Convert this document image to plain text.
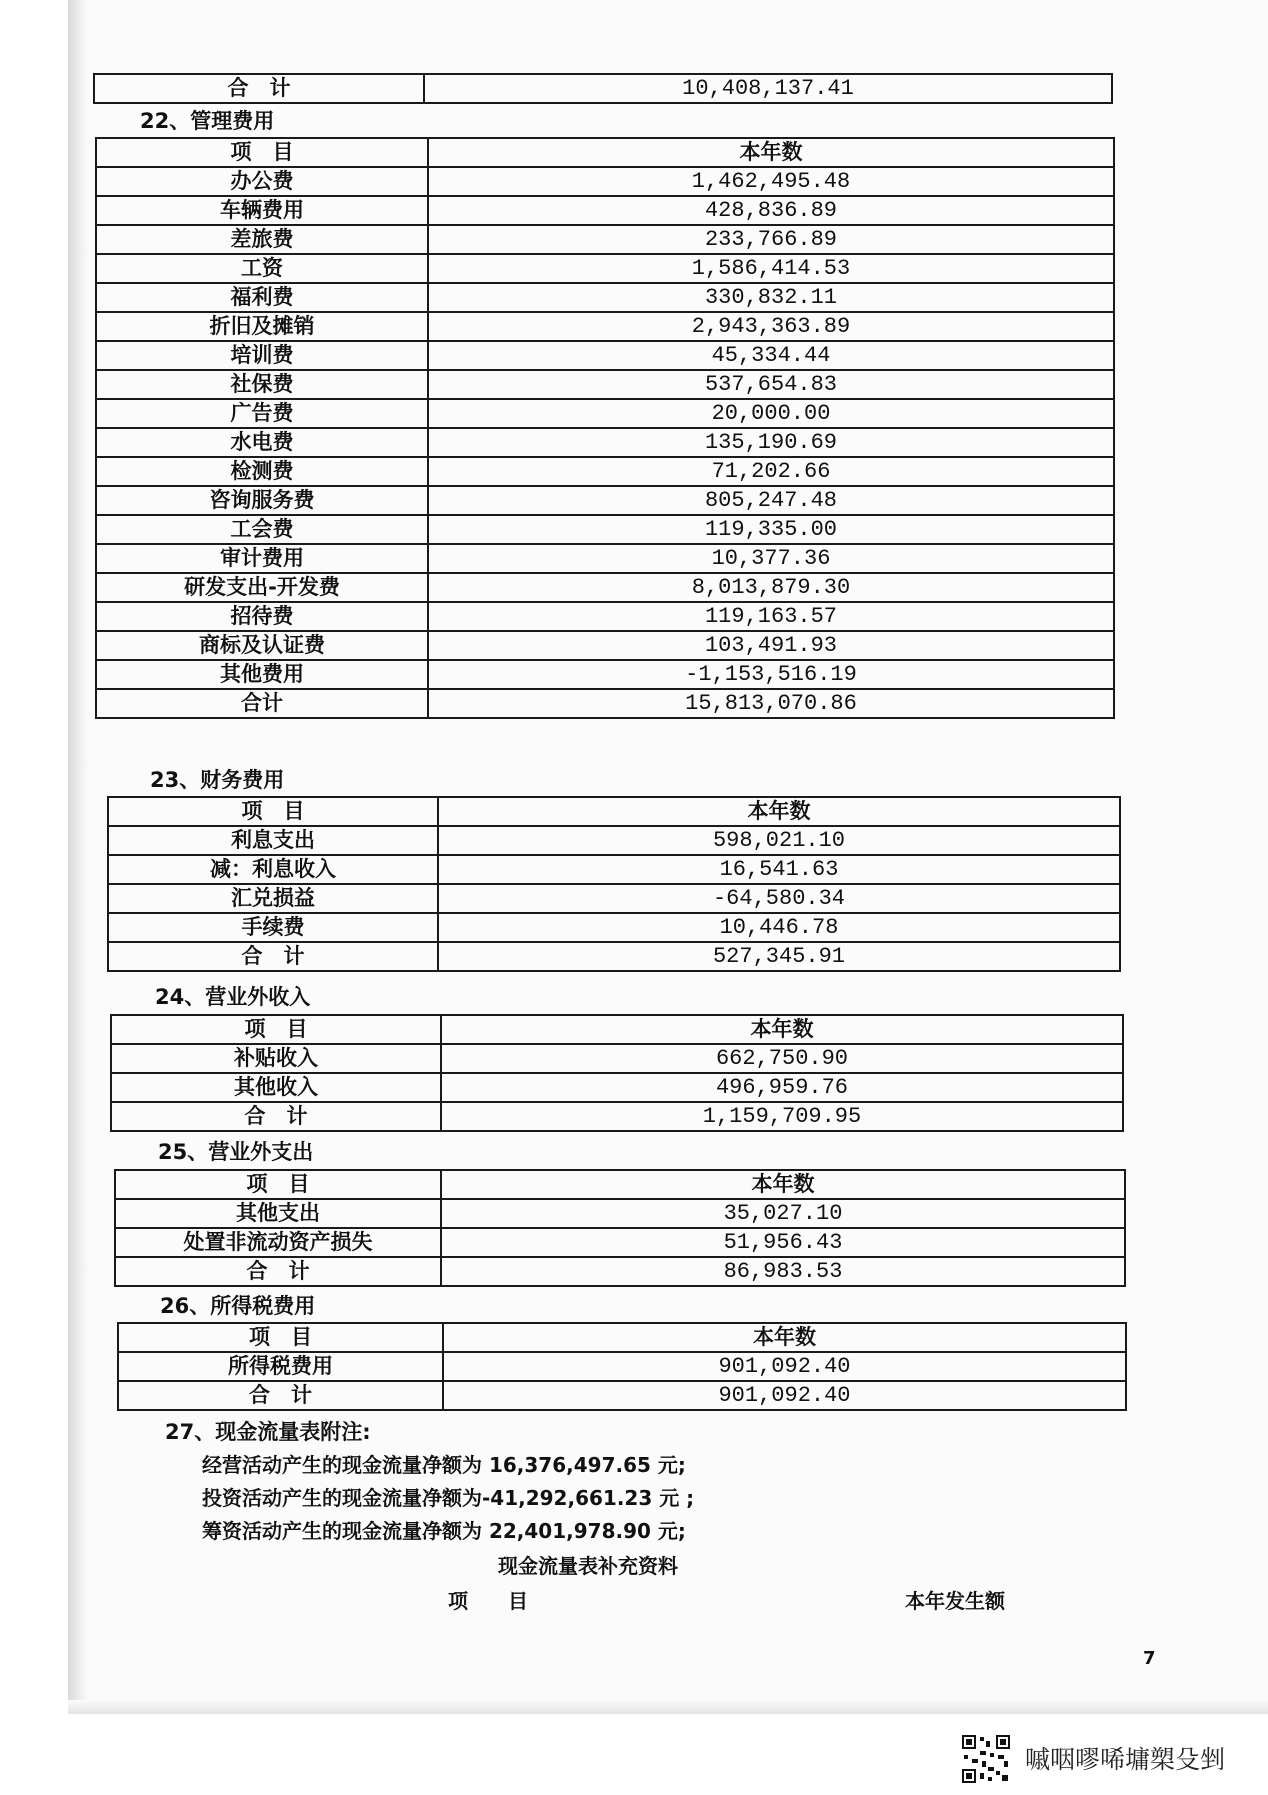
合　计	10,408,137.41
22、管理费用
项　目	本年数
办公费	1,462,495.48
车辆费用	428,836.89
差旅费	233,766.89
工资	1,586,414.53
福利费	330,832.11
折旧及摊销	2,943,363.89
培训费	45,334.44
社保费	537,654.83
广告费	20,000.00
水电费	135,190.69
检测费	71,202.66
咨询服务费	805,247.48
工会费	119,335.00
审计费用	10,377.36
研发支出-开发费	8,013,879.30
招待费	119,163.57
商标及认证费	103,491.93
其他费用	-1,153,516.19
合计	15,813,070.86
23、财务费用
项　目	本年数
利息支出	598,021.10
减：利息收入	16,541.63
汇兑损益	-64,580.34
手续费	10,446.78
合　计	527,345.91
24、营业外收入
项　目	本年数
补贴收入	662,750.90
其他收入	496,959.76
合　计	1,159,709.95
25、营业外支出
项　目	本年数
其他支出	35,027.10
处置非流动资产损失	51,956.43
合　计	86,983.53
26、所得税费用
项　目	本年数
所得税费用	901,092.40
合　计	901,092.40
27、现金流量表附注:
经营活动产生的现金流量净额为 16,376,497.65 元;
投资活动产生的现金流量净额为-41,292,661.23 元 ;
筹资活动产生的现金流量净额为 22,401,978.90 元;
现金流量表补充资料
项　　目	本年发生额
7
嘁咽嘐唏墉槊殳剉
